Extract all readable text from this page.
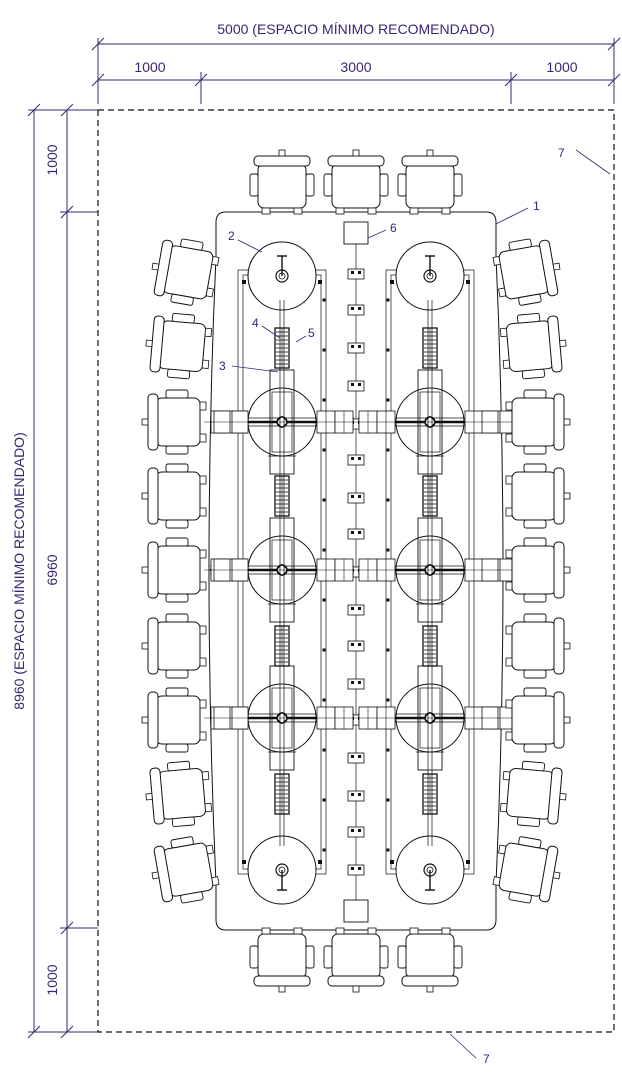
5000 (ESPACIO MÍNIMO RECOMENDADO)
1000	3000	1000
8960 (ESPACIO MÍNIMO RECOMENDADO)
1000
6960
1000
1
2
3
4
5
6
7
7
